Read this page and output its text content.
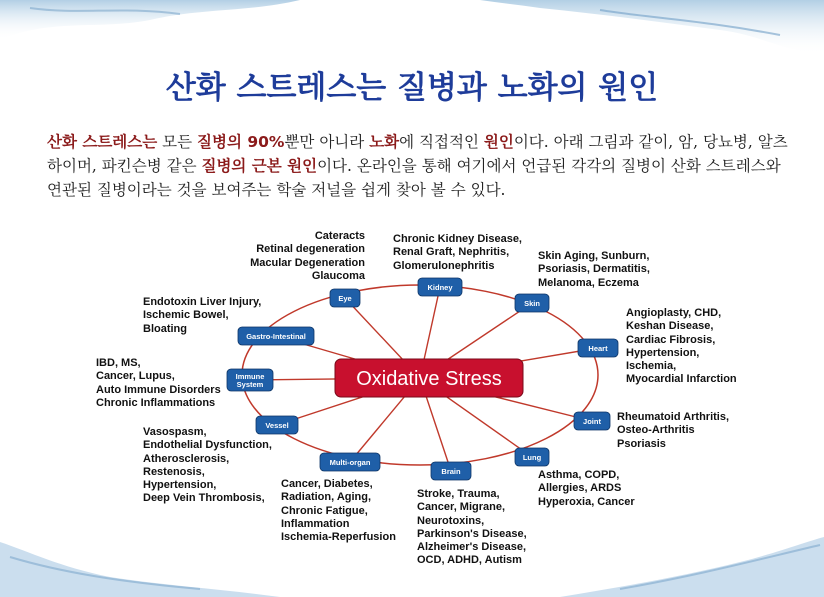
산화 스트레스는 질병과 노화의 원인
산화 스트레스는 모든 질병의 90%뿐만 아니라 노화에 직접적인 원인이다. 아래 그림과 같이, 암, 당뇨병, 알츠하이머, 파킨슨병 같은 질병의 근본 원인이다. 온라인을 통해 여기에서 언급된 각각의 질병이 산화 스트레스와 연관된 질병이라는 것을 보여주는 학술 저널을 쉽게 찾아 볼 수 있다.
Oxidative Stress
Eye
Kidney
Skin
Heart
Joint
Lung
Brain
Multi-organ
Vessel
Immune System
Gastro-Intestinal
Cateracts
Retinal degeneration
Macular Degeneration
Glaucoma
Chronic Kidney Disease,
Renal Graft, Nephritis,
Glomerulonephritis
Skin Aging, Sunburn,
Psoriasis, Dermatitis,
Melanoma, Eczema
Angioplasty, CHD,
Keshan Disease,
Cardiac Fibrosis,
Hypertension,
Ischemia,
Myocardial Infarction
Rheumatoid Arthritis,
Osteo-Arthritis
Psoriasis
Asthma, COPD,
Allergies, ARDS
Hyperoxia, Cancer
Stroke, Trauma,
Cancer, Migrane,
Neurotoxins,
Parkinson's Disease,
Alzheimer's Disease,
OCD, ADHD, Autism
Cancer, Diabetes,
Radiation, Aging,
Chronic Fatigue,
Inflammation
Ischemia-Reperfusion
Vasospasm,
Endothelial Dysfunction,
Atherosclerosis,
Restenosis,
Hypertension,
Deep Vein Thrombosis,
IBD, MS,
Cancer, Lupus,
Auto Immune Disorders
Chronic Inflammations
Endotoxin Liver Injury,
Ischemic Bowel,
Bloating
